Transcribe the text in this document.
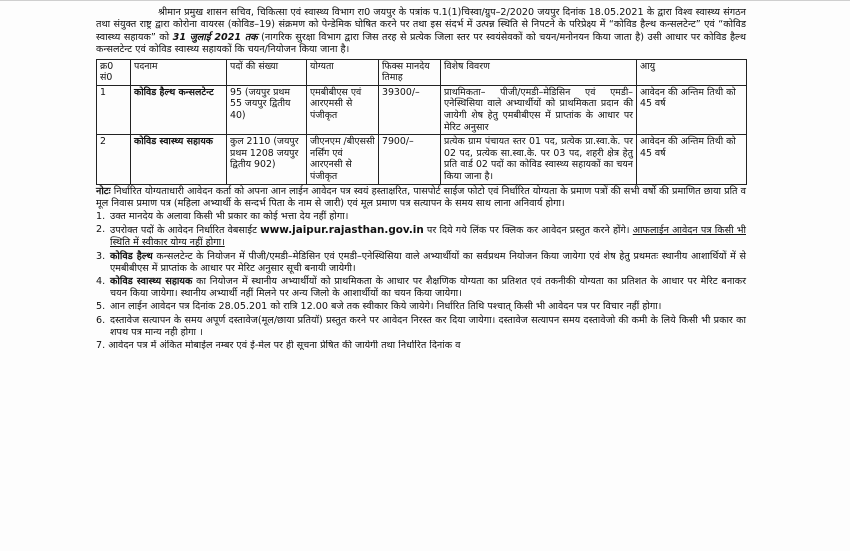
श्रीमान प्रमुख शासन सचिव, चिकित्सा एवं स्वास्थ्य विभाग रा0 जयपुर के पत्रांक प.1(1)चिस्वा/ग्रुप–2/2020 जयपुर दिनांक 18.05.2021 के द्वारा विश्व स्वास्थ्य संगठन तथा संयुक्त राष्ट्र द्वारा कोरोना वायरस (कोविड–19) संक्रमण को पेन्डेमिक घोषित करने पर तथा इस संदर्भ में उत्पन्न स्थिति से निपटने के परिप्रेक्ष्य में “कोविड हैल्थ कन्सलटेन्ट” एवं “कोविड स्वास्थ्य सहायक” को 31 जुलाई 2021 तक (नागरिक सुरक्षा विभाग द्वारा जिस तरह से प्रत्येक जिला स्तर पर स्वयंसेवकों को चयन/मनोनयन किया जाता है) उसी आधार पर कोविड हैल्थ कन्सलटेन्ट एवं कोविड स्वास्थ्य सहायकों कि चयन/नियोजन किया जाना है।

क्र0 सं0	पदनाम	पदों की संख्या	योग्यता	फिक्स मानदेय तिमाह	विशेष विवरण	आयु
1	कोविड हैल्थ कन्सलटेन्ट	95 (जयपुर प्रथम 55 जयपुर द्वितीय 40)	एमबीबीएस एवं आरएमसी से पंजीकृत	39300/–	प्राथमिकता– पीजी/एमडी–मेडिसिन एवं एमडी–एनेस्थिसिया वाले अभ्यार्थीयों को प्राथमिकता प्रदान की जायेगी शेष हेतु एमबीबीएस में प्राप्तांक के आधार पर मेरिट अनुसार	आवेदन की अन्तिम तिथी को 45 वर्ष
2	कोविड स्वास्थ्य सहायक	कुल 2110 (जयपुर प्रथम 1208 जयपुर द्वितीय 902)	जीएनएम /बीएससी नर्सिंग एवं आरएनसी से पंजीकृत	7900/–	प्रत्येक ग्राम पंचायत स्तर 01 पद, प्रत्येक प्रा.स्वा.के. पर 02 पद, प्रत्येक सा.स्वा.के. पर 03 पद, शहरी क्षेत्र हेतु प्रति वार्ड 02 पदों का कोविड स्वास्थ्य सहायकों का चयन किया जाना है।	आवेदन की अन्तिम तिथी को 45 वर्ष

नोटः निर्धारित योग्यताधारी आवेदन कर्ता को अपना आन लाईन आवेदन पत्र स्वयं हस्ताक्षरित, पासपोर्ट साईज फोटो एवं निर्धारित योग्यता के प्रमाण पत्रों की सभी वर्षो की प्रमाणित छाया प्रति व मूल निवास प्रमाण पत्र (महिला अभ्यार्थी के सन्दर्भ पिता के नाम से जारी) एवं मूल प्रमाण पत्र सत्यापन के समय साथ लाना अनिवार्य होगा।

1. उक्त मानदेय के अलावा किसी भी प्रकार का कोई भत्ता देय नहीं होगा।
2. उपरोक्त पदों के आवेदन निर्धारित वेबसाईट www.jaipur.rajasthan.gov.in पर दिये गये लिंक पर क्लिक कर आवेदन प्रस्तुत करने होंगे। आफलाईन आवेदन पत्र किसी भी स्थिति में स्वीकार योग्य नहीं होगा।
3. कोविड हैल्थ कन्सलटेन्ट के नियोजन में पीजी/एमडी–मेडिसिन एवं एमडी–एनेस्थिसिया वाले अभ्यार्थीयों का सर्वप्रथम नियोजन किया जायेगा एवं शेष हेतु प्रथमतः स्थानीय आशार्थियों में से एमबीबीएस में प्राप्तांक के आधार पर मेरिट अनुसार सूची बनायी जायेगी।
4. कोविड स्वास्थ्य सहायक का नियोजन में स्थानीय अभ्यार्थीयों को प्राथमिकता के आधार पर शैक्षणिक योग्यता का प्रतिशत एवं तकनीकी योग्यता का प्रतिशत के आधार पर मेरिट बनाकर चयन किया जायेगा। स्थानीय अभ्यार्थी नहीं मिलने पर अन्य जिलो के आशार्थीयों का चयन किया जायेगा।
5. आन लाईन आवेदन पत्र दिनांक 28.05.201 को रात्रि 12.00 बजे तक स्वीकार किये जायेगे। निर्धारित तिथि पश्चात् किसी भी आवेदन पत्र पर विचार नहीं होगा।
6. दस्तावेज सत्यापन के समय अपूर्ण दस्तावेज(मूल/छाया प्रतियॉ) प्रस्तुत करने पर आवेदन निरस्त कर दिया जायेगा। दस्तावेज सत्यापन समय दस्तावेजो की कमी के लिये किसी भी प्रकार का शपथ पत्र मान्य नही होगा ।
7. आवेदन पत्र में अंकित मोबाईल नम्बर एवं ई-मेल पर ही सूचना प्रेषित की जायेगी तथा निर्धारित दिनांक व
